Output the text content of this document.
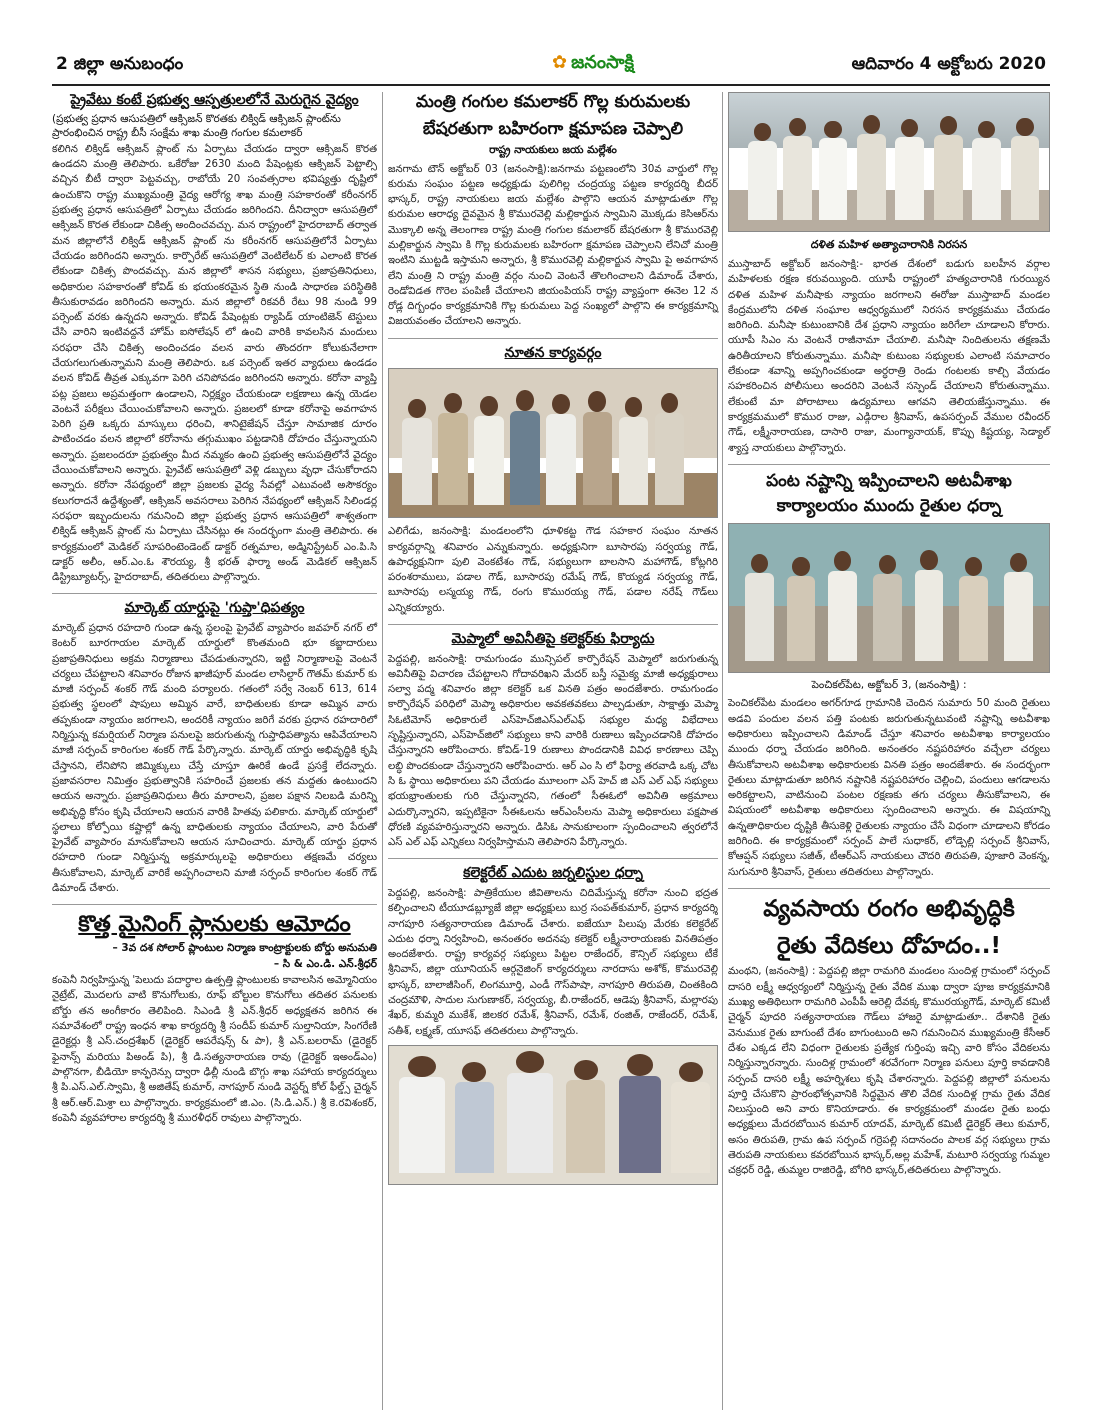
2 జిల్లా అనుబంధం	✿ జనంసాక్షి	ఆదివారం 4 అక్టోబరు 2020
ప్రైవేటు కంటే ప్రభుత్వ ఆస్పత్రులలోనే మెరుగైన వైద్యం
(ప్రభుత్వ ప్రధాన ఆసుపత్రిలో ఆక్సిజన్ కొరతకు లిక్విడ్ ఆక్సిజన్ ప్లాంట్‌ను ప్రారంభించిన రాష్ట్ర బీసీ సంక్షేమ శాఖ మంత్రి గంగుల కమలాకర్
కలిగిన లిక్విడ్ ఆక్సిజన్ ప్లాంట్ ను ఏర్పాటు చేయడం ద్వారా ఆక్సిజన్ కొరత ఉండదని మంత్రి తెలిపారు. ఒకేరోజు 2630 మంది పేషెంట్లకు ఆక్సిజన్ పెట్టాల్సి వచ్చిన బీటీ ద్వారా పెట్టవచ్చు, రాబోయే 20 సంవత్సరాల భవిష్యత్తు దృష్టిలో ఉంచుకొని రాష్ట్ర ముఖ్యమంత్రి వైద్య ఆరోగ్య శాఖ మంత్రి సహకారంతో కరీంనగర్ ప్రభుత్వ ప్రధాన ఆసుపత్రిలో ఏర్పాటు చేయడం జరిగిందని. దీనిద్వారా ఆసుపత్రిలో ఆక్సిజన్ కొరత లేకుండా చికిత్స అందించవచ్చు. మన రాష్ట్రంలో హైదరాబాద్ తర్వాత మన జిల్లాలోనే లిక్విడ్ ఆక్సిజన్ ప్లాంట్ ను కరీంనగర్ ఆసుపత్రిలోనే ఏర్పాటు చేయడం జరిగిందని అన్నారు. కార్పొరేట్ ఆసుపత్రిలో వెంటిలేటర్ కు ఎలాంటి కొరత లేకుండా చికిత్స పొందవచ్చు. మన జిల్లాలో శాసన సభ్యులు, ప్రజాప్రతినిధులు, అధికారుల సహకారంతో కోవిడ్ కు భయంకరమైన స్థితి నుండి సాధారణ పరిస్థితికి తీసుకురావడం జరిగిందని అన్నారు. మన జిల్లాలో రికవరీ రేటు 98 నుండి 99 పర్సెంట్ వరకు ఉన్నదని అన్నారు. కోవిడ్ పేషెంట్లకు ర్యాపిడ్ యాంటిజెన్ టెస్టులు చేసి వారిని ఇంటివద్దనే హోమ్ ఐసోలేషన్ లో ఉంచి వారికి కావలసిన మందులు సరఫరా చేసి చికిత్స అందించడం వలన వారు తొందరగా కోలుకునేలాగా చేయగలుగుతున్నామని మంత్రి తెలిపారు. ఒక పర్సెంట్ ఇతర వ్యాధులు ఉండడం వలన కోవిడ్ తీవ్రత ఎక్కువగా పెరిగి చనిపోవడం జరిగిందని అన్నారు. కరోనా వ్యాప్తి పట్ల ప్రజలు అప్రమత్తంగా ఉండాలని, నిర్లక్ష్యం చేయకుండా లక్షణాలు ఉన్న యెడల వెంటనే పరీక్షలు చేయించుకోవాలని అన్నారు. ప్రజలలో కూడా కరోనాపై అవగాహన పెరిగి ప్రతి ఒక్కరు మాస్కులు ధరించి, శానిటైజేషన్ చేస్తూ సామాజిక దూరం పాటించడం వలన జిల్లాలో కరోనాను తగ్గుముఖం పట్టడానికి దోహదం చేస్తున్నాయని అన్నారు. ప్రజలందరూ ప్రభుత్వం మీద నమ్మకం ఉంచి ప్రభుత్వ ఆసుపత్రిలోనే వైద్యం చేయించుకోవాలని అన్నారు. ప్రైవేట్ ఆసుపత్రిలో వెళ్లి డబ్బులు వృధా చేసుకోరాదని అన్నారు. కరోనా నేపథ్యంలో జిల్లా ప్రజలకు వైద్య సేవల్లో ఎటువంటి అసౌకర్యం కలుగరాదనే ఉద్దేశ్యంతో, ఆక్సిజన్ అవసరాలు పెరిగిన నేపథ్యంలో ఆక్సిజన్ సిలిండర్ల సరఫరా ఇబ్బందులను గమనించి జిల్లా ప్రభుత్వ ప్రధాన ఆసుపత్రిలో శాశ్వతంగా లిక్విడ్ ఆక్సిజన్ ప్లాంట్ ను ఏర్పాటు చేసినట్లు ఈ సందర్భంగా మంత్రి తెలిపారు. ఈ కార్యక్రమంలో మెడికల్ సూపరింటెండెంట్ డాక్టర్ రత్నమాల, అడ్మినిస్ట్రేటర్ ఎం.పి.సి డాక్టర్ అలీం, ఆర్.ఎం.ఓ శౌరయ్య, శ్రీ భరత్ ఫార్మా అండ్ మెడికల్ ఆక్సిజన్ డిస్ట్రిబ్యూటర్స్, హైదరాబాద్, తదితరులు పాల్గొన్నారు.
మార్కెట్ యార్డుపై 'గుప్తా'ధిపత్యం
మార్కెట్ ప్రధాన రహదారి గుండా ఉన్న స్థలంపై ప్రైవేట్ వ్యాపారం జవహర్ నగర్ లో కెంటర్ బూరగాయల మార్కెట్ యార్డులో కొంతమంది భూ కబ్జాదారులు ప్రజాప్రతినిధులు అక్రమ నిర్మాణాలు చేపడుతున్నారని, ఇట్టి నిర్మాణాలపై వెంటనే చర్యలు చేపట్టాలని శనివారం రోజున ఖాజీపూర్ మండల లాసిల్దార్ గౌతమ్ కుమార్ కు మాజీ సర్పంచ్ శంకర్ గౌడ్ మంది పర్యాలరు. గతంలో సర్వే నెంబర్ 613, 614 ప్రభుత్వ స్థలంలో షాపులు అమ్మిన వారే, బాధితులకు కూడా అమ్మిన వారు తప్పకుండా న్యాయం జరగాలని, అందరికీ న్యాయం జరిగే వరకు ప్రధాన రహదారిలో నిర్మిస్తున్న కమర్షియల్ నిర్మాణ పనులపై జరుగుతున్న గుప్తాధిపత్యాను ఆపివేయాలని మాజీ సర్పంచ్ కారింగుల శంకర్ గౌడ్ పేర్కొన్నారు. మార్కెట్ యార్డు అభివృద్ధికి కృషి చేస్తానని, లేనిపోని జిమ్మిక్కులు చేస్తే చూస్తూ ఊరికే ఉండే ప్రసక్తే లేదన్నారు. ప్రజావసరాల నిమిత్తం ప్రభుత్వానికి సహరించే ప్రజలకు తన మద్దతు ఉంటుందని ఆయన అన్నారు. ప్రజాప్రతినిధులు తీరు మారాలని, ప్రజల పక్షాన నిలబడి మరిన్ని అభివృద్ధి కోసం కృషి చేయాలని ఆయన వారికి హితవు పలికారు. మార్కెట్ యార్డులో స్థలాలు కోల్పోయి కష్టాల్లో ఉన్న బాధితులకు న్యాయం చేయాలని, వారి పేరుతో ప్రైవేట్ వ్యాపారం మానుకోవాలని ఆయన సూచించారు. మార్కెట్ యార్డు ప్రధాన రహదారి గుండా నిర్మిస్తున్న అక్రమార్కులపై అధికారులు తక్షణమే చర్యలు తీసుకోవాలని, మార్కెట్ వారికే అప్పగించాలని మాజీ సర్పంచ్ కారింగుల శంకర్ గౌడ్ డిమాండ్ చేశారు.
కొత్త మైనింగ్ ప్లానులకు ఆమోదం
– 3వ దశ సోలార్ ప్లాంటుల నిర్మాణ కాంట్రాక్టులకు బోర్డు అనుమతి
– సి & ఎం.డి. ఎన్.శ్రీధర్
కంపెనీ నిర్వహిస్తున్న 'పెలుదు పదార్ధాల ఉత్పత్తి ప్లాంటులకు కావాలసిన అమ్మోనియం నైట్రేట్, మొదలగు వాటి కొనుగోలుకు, రూఫ్ బోల్టుల కొనుగోలు తదితర పనులకు బోర్డు తన అంగీకారం తెలిపింది. సిఎండి శ్రీ ఎన్.శ్రీధర్ అధ్యక్షతన జరిగిన ఈ సమావేశంలో రాష్ట్ర ఇంధన శాఖ కార్యదర్శి శ్రీ సందీప్ కుమార్ సుల్తానియా, సింగరేణి డైరెక్టర్లు శ్రీ ఎస్.చంద్రశేఖర్ (డైరెక్టర్ ఆపరేషన్స్ & పా), శ్రీ ఎన్.బలరామ్ (డైరెక్టర్ ఫైనాన్స్ మరియు పిఅండ్ పి), శ్రీ డి.సత్యనారాయణ రావు (డైరెక్టర్ ఇఅండ్ఎం) పాల్గొనగా, బీడియో కాన్ఫరెన్సు ద్వారా ఢిల్లీ నుండి బొగ్గు శాఖ సహాయ కార్యదర్శులు శ్రీ పి.ఎస్.ఎల్.స్వామి, శ్రీ అజితేష్ కుమార్, నాగపూర్ నుండి వెస్టర్న్ కోల్ ఫీల్డ్స్ చైర్మన్ శ్రీ ఆర్.ఆర్.మిశ్రా లు పాల్గొన్నారు. కార్యక్రమంలో జి.ఎం. (సి.డి.ఎన్.) శ్రీ కె.రవిశంకర్, కంపెనీ వ్యవహారాల కార్యదర్శి శ్రీ మురళీధర్ రావులు పాల్గొన్నారు.
మంత్రి గంగుల కమలాకర్ గొల్ల కురుమలకు
బేషరతుగా బహిరంగా క్షమాపణ చెప్పాలి
రాష్ట్ర నాయకులు జయ మల్లేశం
జనగామ టౌన్ అక్టోబర్ 03 (జనంసాక్షి):జనగామ పట్టణంలోని 30వ వార్డులో గొల్ల కురుమ సంఘం పట్టణ అధ్యక్షుడు పులిగిల్ల చంద్రయ్య పట్టణ కార్యదర్శి బీదర్ భాస్కర్, రాష్ట్ర నాయకులు జయ మల్లేశం పాల్గొని ఆయన మాట్లాడుతూ గొల్ల కురుమల ఆరాధ్య దైవమైన శ్రీ కొమురవెల్లి మల్లికార్జున స్వామిని మొక్కడు కెసిఆర్‌ను మొక్కాలి అన్న తెలంగాణ రాష్ట్ర మంత్రి గంగుల కమలాకర్ బేషరతుగా శ్రీ కొమురవెల్లి మల్లికార్జున స్వామి కి గొల్ల కురుమలకు బహిరంగా క్షమాపణ చెప్పాలని లేనిచో మంత్రి ఇంటిని ముట్టడి ఇస్తామని అన్నారు, శ్రీ కొమురవెల్లి మల్లికార్జున స్వామి పై అవగాహన లేని మంత్రి ని రాష్ట్ర మంత్రి వర్గం నుంచి వెంటనే తొలగించాలని డిమాండ్ చేశారు, రెండోవిడత గొరెల పంపిణీ చేయాలని జియంపియస్ రాష్ట్ర వ్యాప్తంగా ఈనెల 12 న రోడ్ల దిగ్బంధం కార్యక్రమానికి గొల్ల కురుమలు పెద్ద సంఖ్యలో పాల్గొని ఈ కార్యక్రమాన్ని విజయవంతం చేయాలని అన్నారు.
నూతన కార్యవర్గం
ఎలిగేడు, జనంసాక్షి: మండలంలోని ధూళికట్ట గౌడ సహకార సంఘం నూతన కార్యవర్గాన్ని శనివారం ఎన్నుకున్నారు. అధ్యక్షునిగా బూసారపు సర్వయ్య గౌడ్, ఉపాధ్యక్షునిగా పులి వెంకటేశం గౌడ్, సభ్యులుగా బాలసాని మహాగౌడ్, కోట్లగిరి పరంశరాములు, పడాల గౌడ్, బూసారపు రమేష్ గౌడ్, కొయ్యడ సర్వయ్య గౌడ్, బూసారపు లస్మయ్య గౌడ్, రంగు కొమురయ్య గౌడ్, పడాల నరేష్ గౌడ్‌లు ఎన్నికయ్యారు.
మెప్మాలో అవినీతిపై కలెక్టర్‌కు ఫిర్యాదు
పెద్దపల్లి, జనంసాక్షి: రామగుండం మున్సిపల్ కార్పొరేషన్ మెప్మాలో జరుగుతున్న అవినీతిపై విచారణ చేపట్టాలని గోదావరిఖని మేదర్ బస్తీ సమైక్య మాజీ అధ్యక్షురాలు సల్వా పద్మ శనివారం జిల్లా కలెక్టర్ ఒక వినతి పత్రం అందజేశారు. రామగుండం కార్పొరేషన్ పరిధిలో మెప్మా అధికారుల అవకతవకలు పాల్పడుతూ, సాక్షాత్తు మెప్మా సిఓటిమోస్ అధికారులే ఎస్‌హెచ్‌జిఎస్ఎల్ఎఫ్ సభ్యుల మధ్య విభేదాలు సృష్టిస్తున్నారని, ఎస్‌హెచ్‌జిలో సభ్యులు కాని వారికి రుణాలు ఇప్పించడానికి దోహదం చేస్తున్నారని ఆరోపించారు. కోవిడ్-19 రుణాలు పొందడానికి వివిధ కారణాలు చెప్పి లబ్ధి పొందకుండా చేస్తున్నారని ఆరోపించారు. ఆర్ ఎం సి లో ఫిర్యా తరవాడి ఒక్క చోట సి ఓ స్థాయి అధికారులు పని చేయడం మూలంగా ఎస్ హెచ్ జి ఎస్ ఎల్ ఎఫ్ సభ్యులు భయభ్రాంతులకు గురి చేస్తున్నారని, గతంలో సీఈఓలో అవినీతి అక్రమాలు ఎదుర్కొన్నారని, ఇప్పటికైనా సీఈఓలను ఆర్‌ఎంసీలను మెప్మా అధికారులు పక్షపాత ధోరణి వ్యవహరిస్తున్నారని అన్నారు. డిసిఓ సానుకూలంగా స్పందించాలని త్వరలోనే ఎస్ ఎల్ ఎఫ్ ఎన్నికలు నిర్వహిస్తామని తెలిపారని పేర్కొన్నారు.
కలెక్టరేట్ ఎదుట జర్నలిస్టుల ధర్నా
పెద్దపల్లి, జనంసాక్షి: పాత్రికేయుల జీవితాలను చిదిమేస్తున్న కరోనా నుంచి భద్రత కల్పించాలని టీయూడబ్ల్యూజే జిల్లా అధ్యక్షులు బుర్ర సంపత్‌కుమార్, ప్రధాన కార్యదర్శి నాగపూరి సత్యనారాయణ డిమాండ్ చేశారు. ఐజేయూ పిలుపు మేరకు కలెక్టరేట్ ఎదుట ధర్నా నిర్వహించి, అనంతరం అదనపు కలెక్టర్ లక్ష్మీనారాయణకు వినతిపత్రం అందజేశారు. రాష్ట్ర కార్యవర్గ సభ్యులు పిట్టల రాజేందర్, కౌన్సిల్ సభ్యులు టీకే శ్రీనివాస్, జిల్లా యూనియన్ ఆర్గనైజింగ్ కార్యదర్శులు నారదాసు అశోక్, కొమురవెల్లి భాస్కర్, బాలాజీసింగ్, లింగమూర్తి, ఎండీ గౌస్‌పాషా, నాగపూరి తిరుపతి, చింతకింది చంద్రమౌళి, సాదుల సుగుణాకర్, సర్వయ్య, బీ.రాజేందర్, ఆడెపు శ్రీనివాస్, మల్లారపు శేఖర్, కుమ్మరి ముకేశ్, జిలకర రమేశ్, శ్రీనివాస్, రమేశ్, రంజిత్, రాజేందర్, రమేశ్, సతీశ్, లక్ష్మణ్, యూసఫ్ తదితరులు పాల్గొన్నారు.
దళిత మహిళ అత్యాచారానికి నిరసన
ముస్తాబాద్ అక్టోబర్ జనంసాక్షి:- భారత దేశంలో బడుగు బలహీన వర్గాల మహిళలకు రక్షణ కరువయ్యింది. యూపీ రాష్ట్రంలో హత్యచారానికి గురయ్యిన దళిత మహిళ మనీషాకు న్యాయం జరగాలని ఈరోజు ముస్తాబాద్ మండల కేంద్రములోని దళిత సంఘాల ఆధ్వర్యములో నిరసన కార్యక్రమము చేయడం జరిగింది. మనీషా కుటుంబానికి దేశ ప్రధాని న్యాయం జరిగేలా చూడాలని కోరారు. యూపీ సిఎం ను వెంటనే రాజీనామా చేయాలి. మనీషా నిందితులను తక్షణమే ఉరితీయాలని కోరుతున్నాము. మనీషా కుటుంబ సభ్యులకు ఎలాంటి సమాచారం లేకుండా శవాన్ని అప్పగించకుండా అర్ధరాత్రి రెండు గంటలకు కాల్చి వేయడం సహకరించిన పోలీసులు అందరిని వెంటనే సస్పెండ్ చేయాలని కోరుతున్నాము. లేకుంటే మా పోరాటాలు ఉద్యమాలు ఆగవని తెలియజేస్తున్నాము. ఈ కార్యక్రమములో కొముర రాజు, ఎడ్గిరాల శ్రీనివాస్, ఉపసర్పంచ్ వేముల రవీందర్ గౌడ్, లక్ష్మీనారాయణ, దాసారి రాజు, మంగ్యానాయక్, కొప్పు కిష్టయ్య, సెడ్యాల్ శ్యాస్త నాయకులు పాల్గొన్నారు.
పంట నష్టాన్ని ఇప్పించాలని అటవీశాఖ
కార్యాలయం ముందు రైతుల ధర్నా
పెంచికల్‌పేట, అక్టోబర్ 3, (జనంసాక్షి) :
పెంచికల్‌పేట మండలం అగర్‌గూడ గ్రామానికి చెందిన సుమారు 50 మంది రైతులు అడవి పందుల వలన పత్తి పంటకు జరుగుతున్నటువంటి నష్టాన్ని అటవీశాఖ అధికారులు ఇప్పించాలని డిమాండ్ చేస్తూ శనివారం అటవీశాఖ కార్యాలయం ముందు ధర్నా చేయడం జరిగింది. అనంతరం నష్టపరిహారం వచ్చేలా చర్యలు తీసుకోవాలని అటవీశాఖ అధికారులకు వినతి పత్రం అందజేశారు. ఈ సందర్భంగా రైతులు మాట్లాడుతూ జరిగిన నష్టానికి నష్టపరిహారం చెల్లించి, పందులు ఆగడాలను అరికట్టాలని, వాటినుంచి పంటల రక్షణకు తగు చర్యలు తీసుకోవాలని, ఈ విషయంలో అటవీశాఖ అధికారులు స్పందించాలని అన్నారు. ఈ విషయాన్ని ఉన్నతాధికారుల దృష్టికి తీసుకెళ్లి రైతులకు న్యాయం చేసే విధంగా చూడాలని కోరడం జరిగింది. ఈ కార్యక్రమంలో సర్పంచ్ పాలే సుధాకర్, లోడ్పెల్లి సర్పంచ్ శ్రీనివాస్, కోఆప్షన్ సభ్యులు సజీత్, టీఆర్‌ఎస్ నాయకులు చౌదరి తిరుపతి, పూజారి వెంకన్న, సుగునూరి శ్రీనివాస్, రైతులు తదితరులు పాల్గొన్నారు.
వ్యవసాయ రంగం అభివృద్ధికి
రైతు వేదికలు దోహదం..!
మంథని, (జనంసాక్షి) : పెద్దపల్లి జిల్లా రామగిరి మండలం సుందిళ్ల గ్రామంలో సర్పంచ్ దాసరి లక్ష్మీ ఆధ్వర్యంలో నిర్మిస్తున్న రైతు వేదిక ముఖ ద్వారా పూజ కార్యక్రమానికి ముఖ్య అతిథిలుగా రామగిరి ఎంపీపీ ఆరెల్లి దేవక్క కొమురయ్యగౌడ్, మార్కెట్ కమిటీ చైర్మన్ పూదరి సత్యనారాయణ గౌడ్‌లు హాజరై మాట్లాడుతూ.. దేశానికి రైతు వెనుముక రైతు బాగుంటే దేశం బాగుంటుంది అని గమనించిన ముఖ్యమంత్రి కేసీఆర్ దేశం ఎక్కడ లేని విధంగా రైతులకు ప్రత్యేక గుర్తింపు ఇచ్చి వారి కోసం వేదికలను నిర్మిస్తున్నారన్నారు. సుందిళ్ల గ్రామంలో శరవేగంగా నిర్మాణ పనులు పూర్తి కావడానికి సర్పంచ్ దాసరి లక్ష్మీ అహర్నిశలు కృషి చేశారన్నారు. పెద్దపల్లి జిల్లాలో పనులను పూర్తి చేసుకొని ప్రారంభోత్సవానికి సిద్ధమైన తొలి వేదిక సుందిళ్ల గ్రామ రైతు వేదిక నిలుస్తుంది అని వారు కొనియాడారు. ఈ కార్యక్రమంలో మండల రైతు బంధు అధ్యక్షులు మేదరబోయిన కుమార్ యాదవ్, మార్కెట్ కమిటీ డైరెక్టర్ తెలు కుమార్, అసం తిరుపతి, గ్రామ ఉప సర్పంచ్ గర్రెపల్లి సదానందం పాలక వర్గ సభ్యులు గ్రామ తెరుపతి నాయకులు కవరబోయిన భాస్కర్,అల్ల మహేశ్, మటూరి సర్వయ్య గుమ్మల చక్రధర్ రెడ్డి, తుమ్మల రాజిరెడ్డి, బోగిరి భాస్కర్,తదితరులు పాల్గొన్నారు.
